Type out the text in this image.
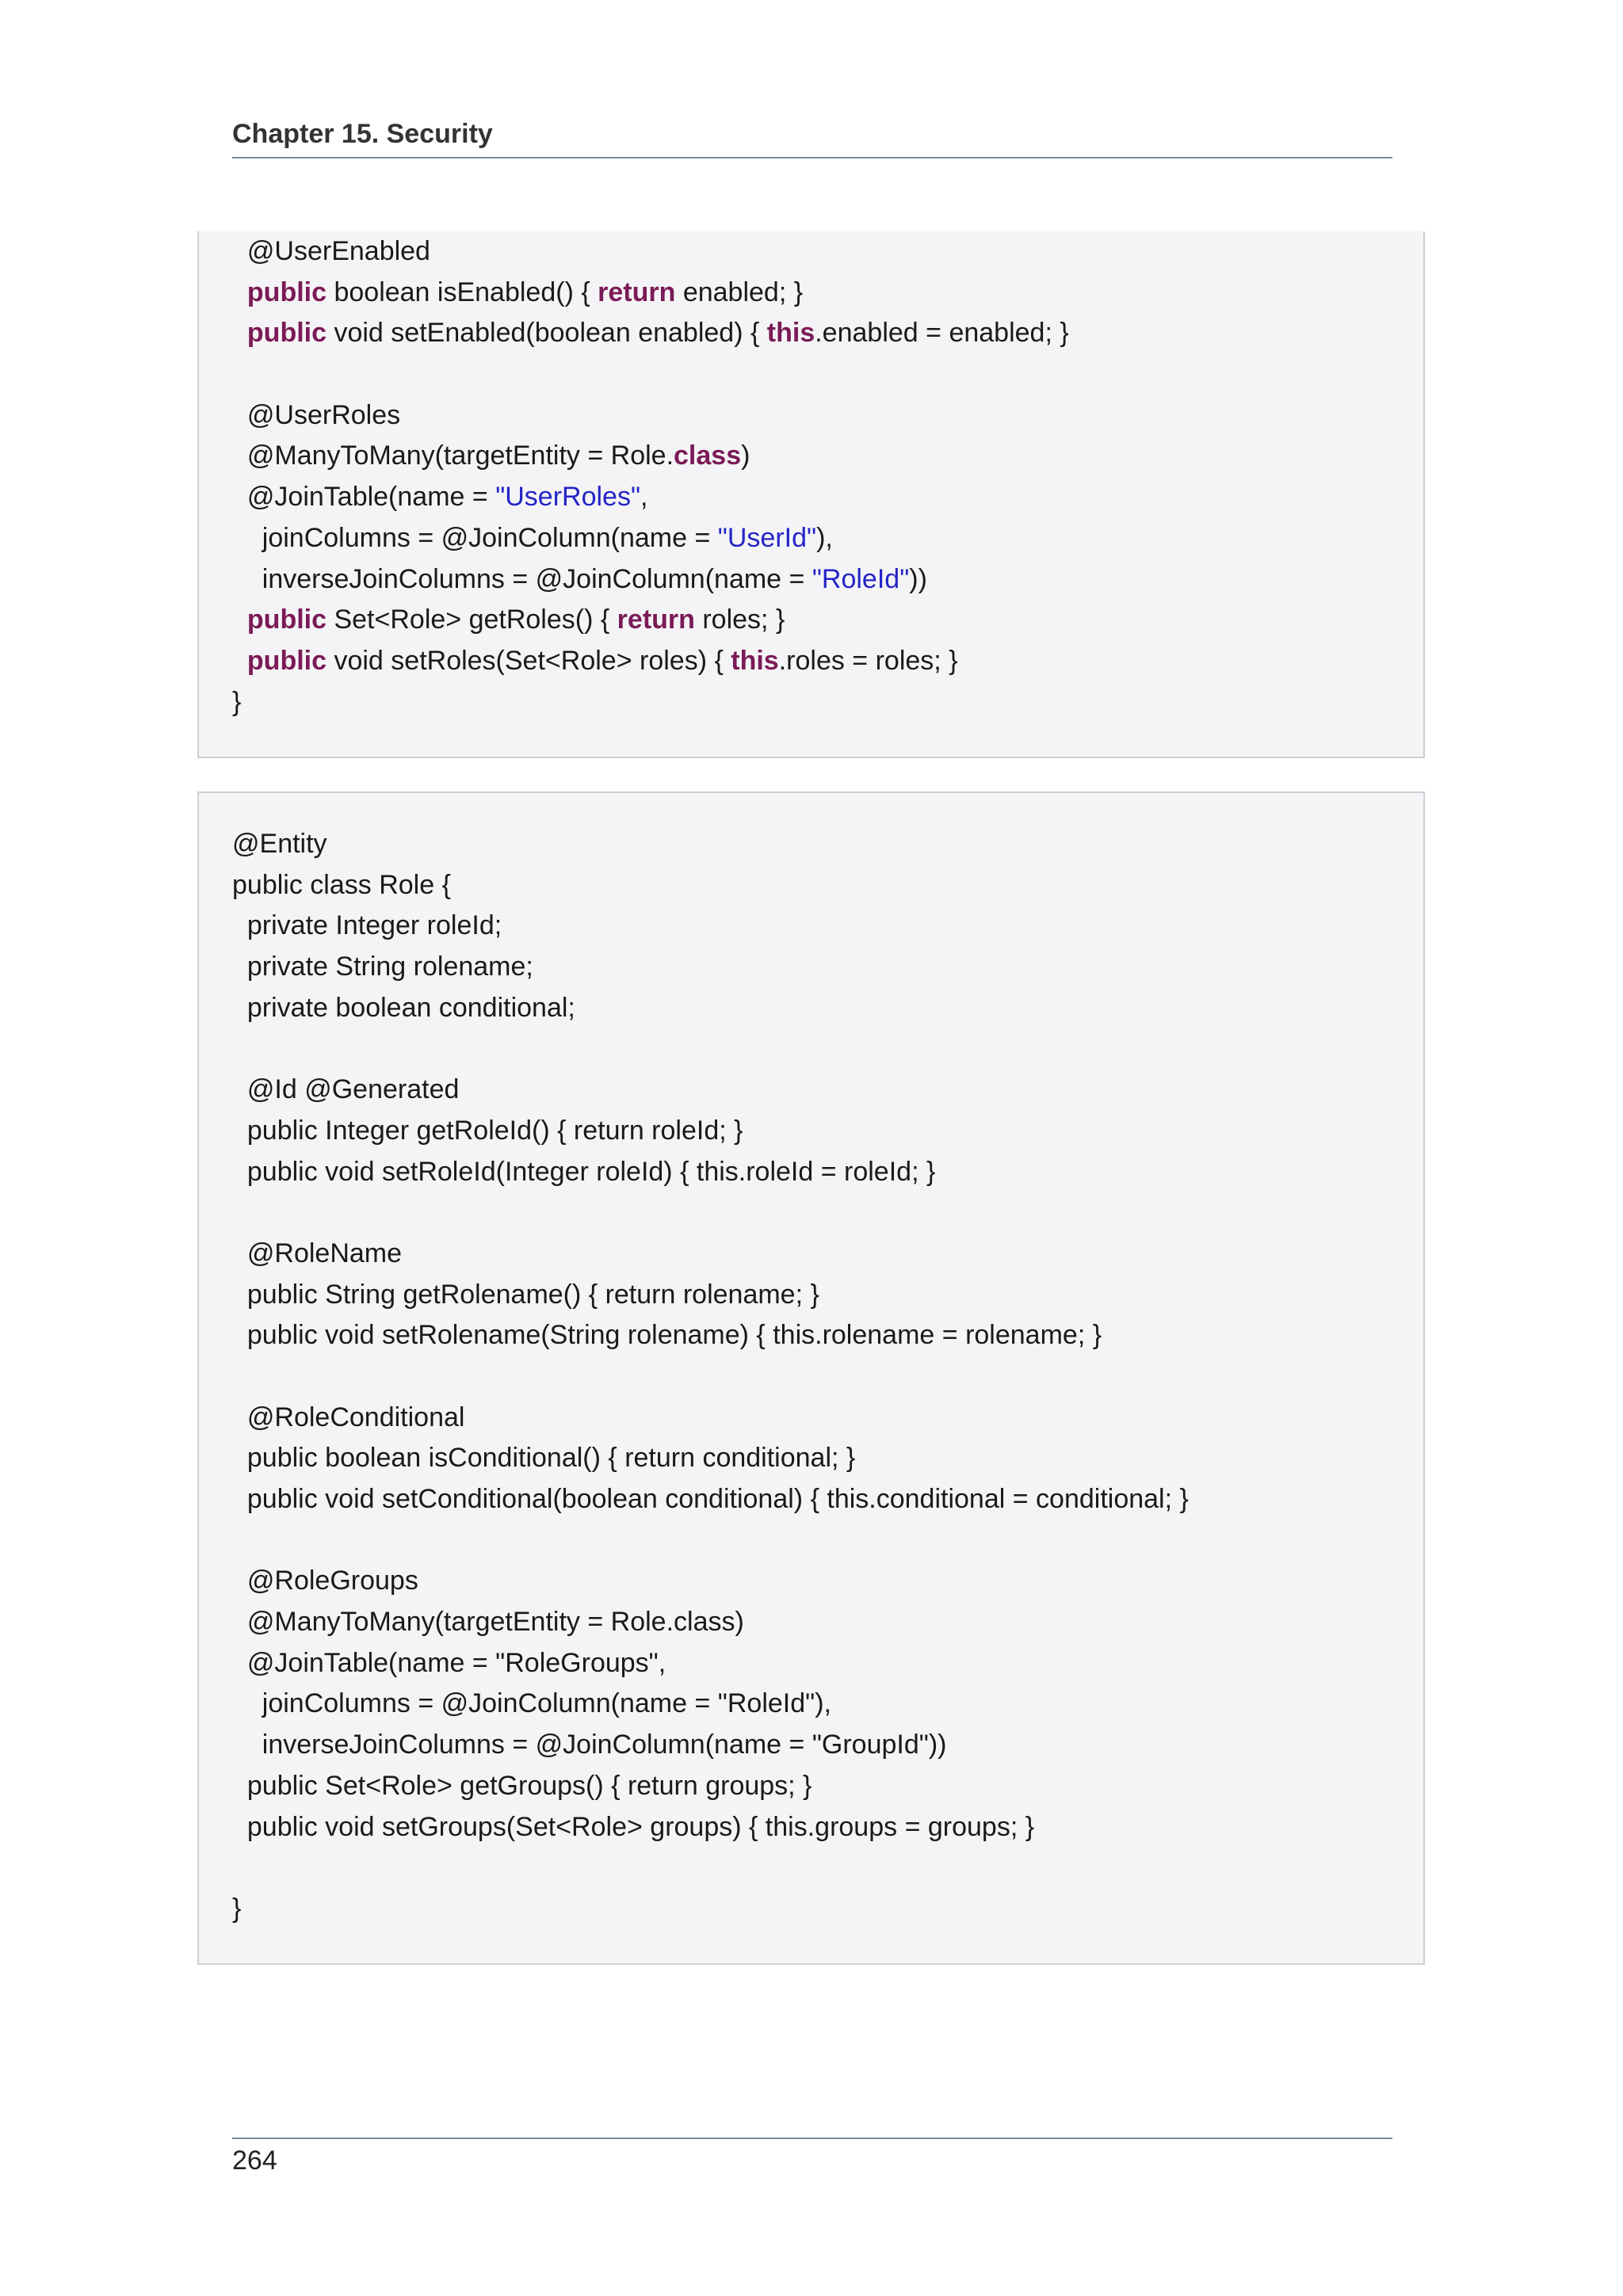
Chapter 15. Security
@UserEnabled
public boolean isEnabled() { return enabled; }
public void setEnabled(boolean enabled) { this.enabled = enabled; }
@UserRoles
@ManyToMany(targetEntity = Role.class)
@JoinTable(name = "UserRoles",
joinColumns = @JoinColumn(name = "UserId"),
inverseJoinColumns = @JoinColumn(name = "RoleId"))
public Set<Role> getRoles() { return roles; }
public void setRoles(Set<Role> roles) { this.roles = roles; }
}
@Entity
public class Role {
private Integer roleId;
private String rolename;
private boolean conditional;
@Id @Generated
public Integer getRoleId() { return roleId; }
public void setRoleId(Integer roleId) { this.roleId = roleId; }
@RoleName
public String getRolename() { return rolename; }
public void setRolename(String rolename) { this.rolename = rolename; }
@RoleConditional
public boolean isConditional() { return conditional; }
public void setConditional(boolean conditional) { this.conditional = conditional; }
@RoleGroups
@ManyToMany(targetEntity = Role.class)
@JoinTable(name = "RoleGroups",
joinColumns = @JoinColumn(name = "RoleId"),
inverseJoinColumns = @JoinColumn(name = "GroupId"))
public Set<Role> getGroups() { return groups; }
public void setGroups(Set<Role> groups) { this.groups = groups; }
}
264
